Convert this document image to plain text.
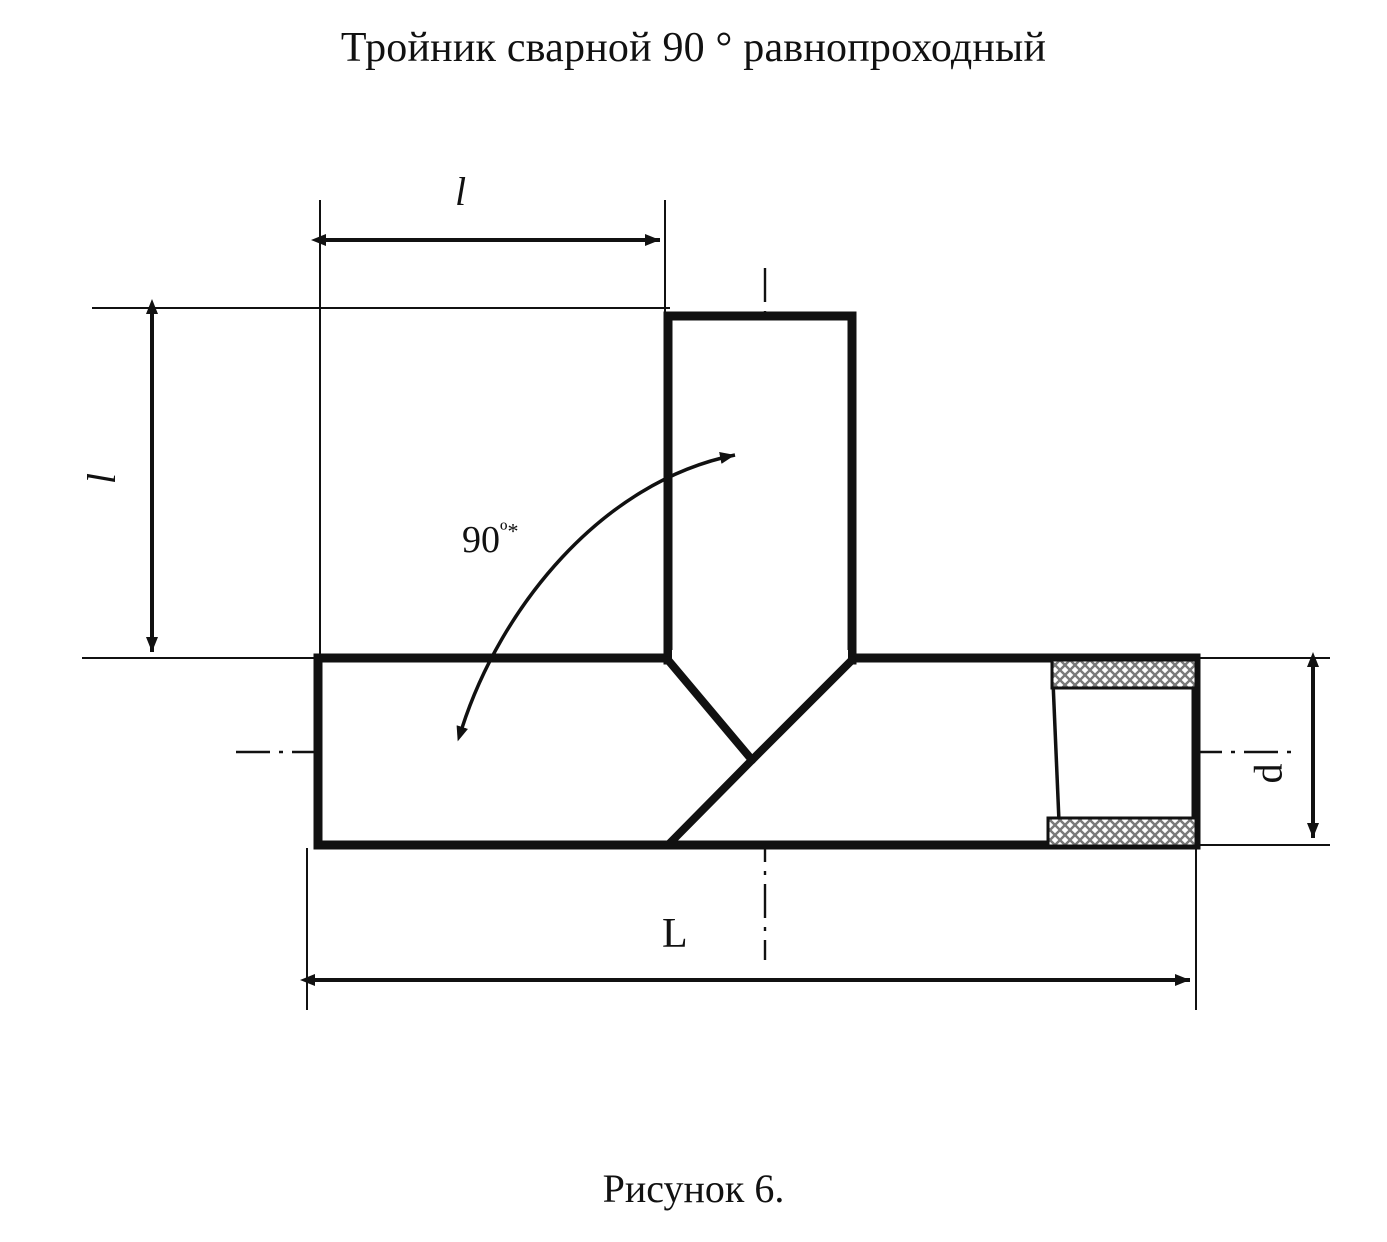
Тройник сварной 90 ° равнопроходный
l
l
L
d
$90^{º*}$
Рисунок 6.
